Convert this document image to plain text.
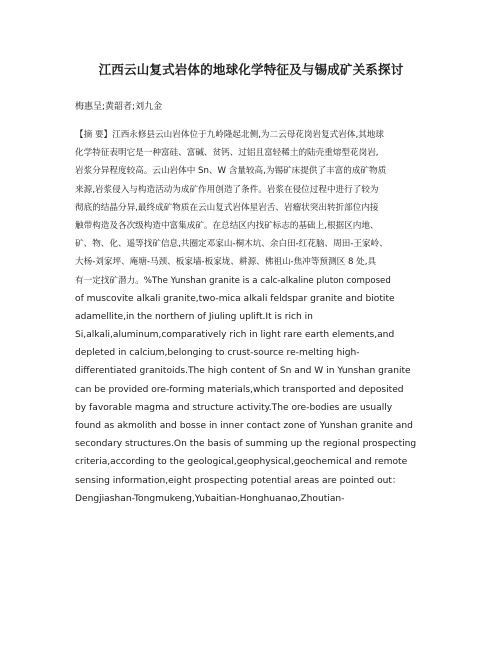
江西云山复式岩体的地球化学特征及与锡成矿关系探讨
梅惠呈;黄韶者;刘九金
【摘 要】江西永修县云山岩体位于九岭隆起北侧,为二云母花岗岩复式岩体,其地球
化学特征表明它是一种富硅、富碱、贫钙、过铝且富轻稀土的陆壳重熔型花岗岩,
岩浆分异程度较高。云山岩体中 Sn、W 含量较高,为锡矿床提供了丰富的成矿物质
来源,岩浆侵入与构造活动为成矿作用创造了条件。岩浆在侵位过程中进行了较为
彻底的结晶分异,最终成矿物质在云山复式岩体星岩舌、岩瘤状突出转折部位内接
触带构造及各次级构造中富集成矿。在总结区内找矿标志的基础上,根据区内地、
矿、物、化、遥等找矿信息,共圈定邓家山-桐木坑、余白田-红花脑、周田-王家岭、
大杨-刘家坪、庵塘-马颈、板家墙-板家垅、耕源、佛祖山-焦冲等预测区 8 处,具
有一定找矿潜力。%The Yunshan granite is a calc-alkaline pluton composed
of muscovite alkali granite,two-mica alkali feldspar granite and biotite
adamellite,in the northern of Jiuling uplift.It is rich in
Si,alkali,aluminum,comparatively rich in light rare earth elements,and
depleted in calcium,belonging to crust-source re-melting high-
differentiated granitoids.The high content of Sn and W in Yunshan granite
can be provided ore-forming materials,which transported and deposited
by favorable magma and structure activity.The ore-bodies are usually
found as akmolith and bosse in inner contact zone of Yunshan granite and
secondary structures.On the basis of summing up the regional prospecting
criteria,according to the geological,geophysical,geochemical and remote
sensing information,eight prospecting potential areas are pointed out：
Dengjiashan-Tongmukeng,Yubaitian-Honghuanao,Zhoutian-
